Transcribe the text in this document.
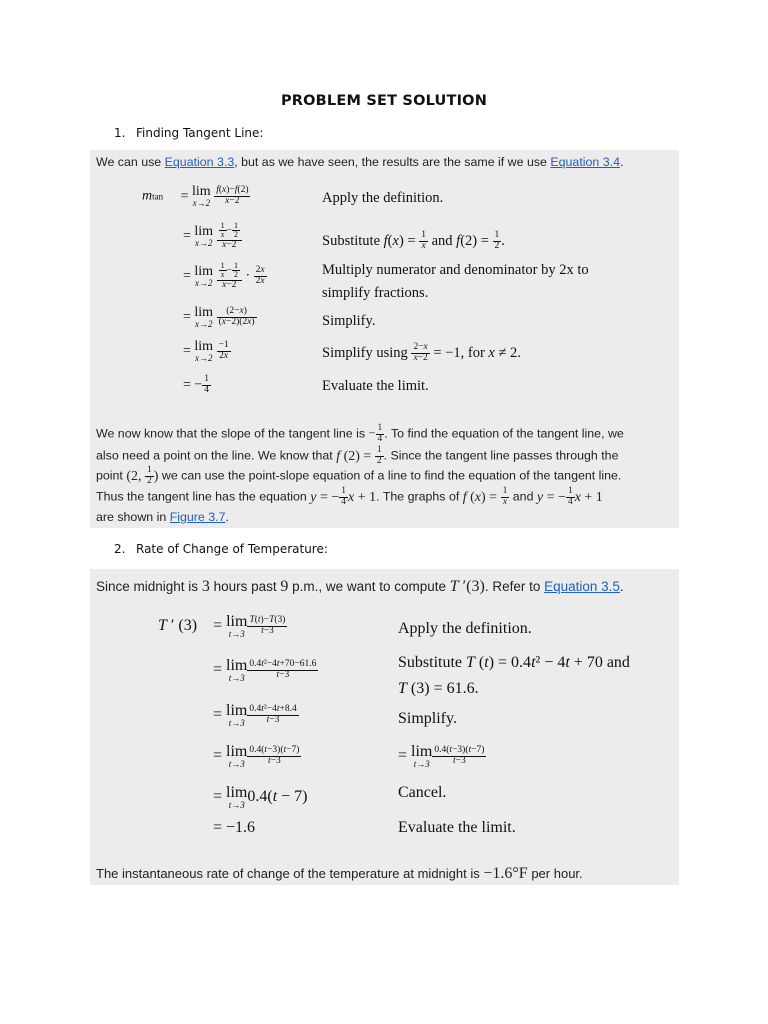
PROBLEM SET SOLUTION
1. Finding Tangent Line:
We can use Equation 3.3, but as we have seen, the results are the same if we use Equation 3.4.
mtan = lim
x→2
$\frac{f(x)-f(2)}{x-2}$	Apply the definition.
= lim
x→2
$\frac{\frac{1}{x} - \frac{1}{2}}{x-2}$	Substitute $f(x) = \frac{1}{x}$ and $f(2) = \frac{1}{2}$ .
= lim
x→2
$\frac{\frac{1}{x} - \frac{1}{2}}{x-2} \cdot \frac{2x}{2x}$	Multiply numerator and denominator by 2x to
simplify fractions.
= lim
x→2
$\frac{(2-x)}{(x-2)(2x)}$	Simplify.
= lim
x→2
$\frac{-1}{2x}$	Simplify using $\frac{2-x}{x-2} = -1$, for x ≠ 2.
= − $\frac{1}{4}$	Evaluate the limit.
We now know that the slope of the tangent line is − $\frac{1}{4}$ . To find the equation of the tangent line, we
also need a point on the line. We know that f $(2) = \frac{1}{2}$ . Since the tangent line passes through the
point (2, $\frac{1}{2}$ ) we can use the point-slope equation of a line to find the equation of the tangent line.
Thus the tangent line has the equation y = − $\frac{1}{4}$ x + 1. The graphs of f $(x) = \frac{1}{x}$ and y = − $\frac{1}{4}$ x + 1
are shown in Figure 3.7.
2. Rate of Change of Temperature:
Since midnight is 3 hours past 9 p.m., we want to compute T ′(3). Refer to Equation 3.5.
T ′ (3) = lim
$t\to 3 \frac{T(t)-T(3)}{t-3}$	Apply the definition.
= lim
$t\to 3 \frac{\text{0.4t²−4t+70−61.6}}{t-3}$	Substitute T (t) = 0.4t² − 4t + 70 and
T (3) = 61.6.
= lim
$t\to 3 \frac{\text{0.4t²−4t+8.4}}{t-3}$	Simplify.
= lim
$t\to 3 \frac{0.4(t-3)(t-7)}{t-3}$	= lim
$t\to 3 \frac{0.4(t-3)(t-7)}{t-3}$
= lim
t→3 0.4(t − 7)	Cancel.
= −1.6	Evaluate the limit.
The instantaneous rate of change of the temperature at midnight is −1.6°F per hour.
